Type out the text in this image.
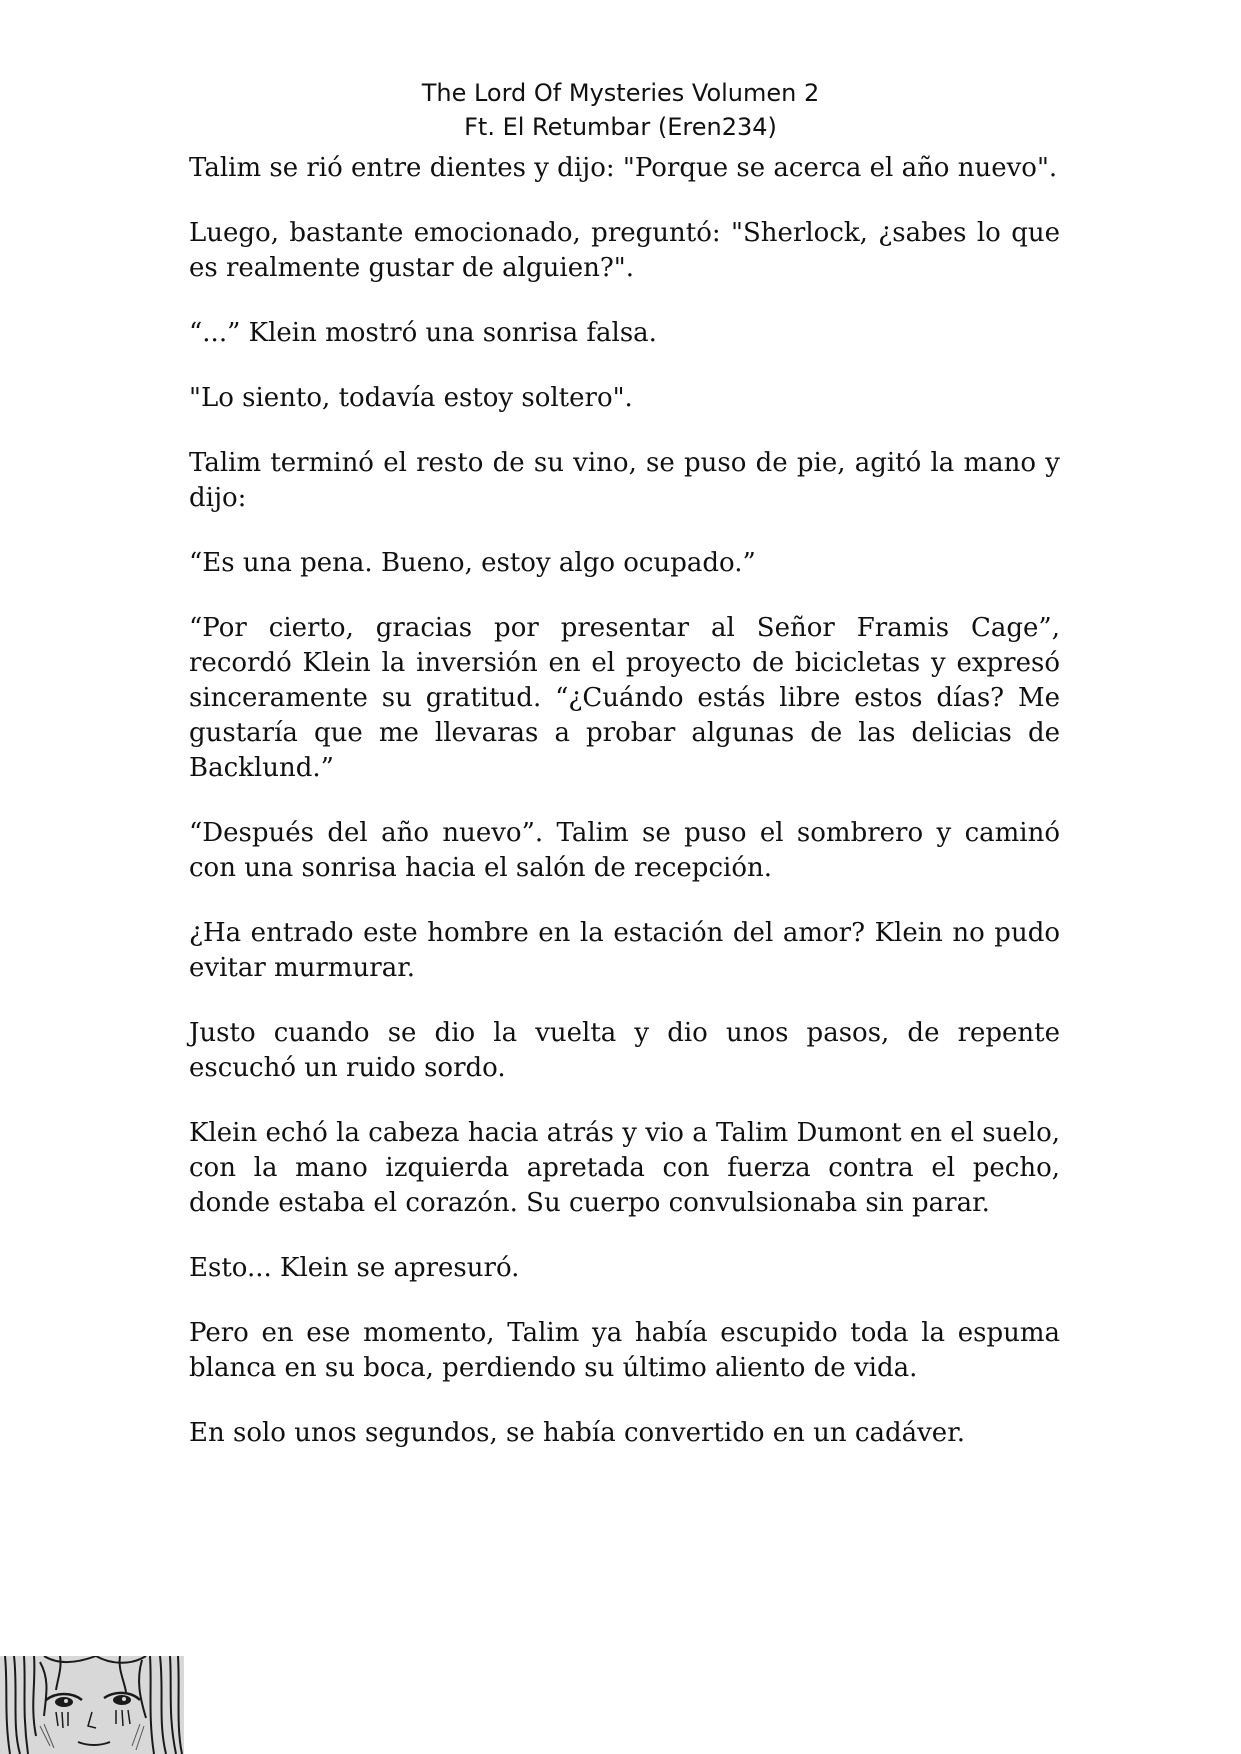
The Lord Of Mysteries Volumen 2
Ft. El Retumbar (Eren234)

Talim se rió entre dientes y dijo: "Porque se acerca el año nuevo".

Luego, bastante emocionado, preguntó: "Sherlock, ¿sabes lo que es realmente gustar de alguien?".

“...” Klein mostró una sonrisa falsa.

"Lo siento, todavía estoy soltero".

Talim terminó el resto de su vino, se puso de pie, agitó la mano y dijo:

“Es una pena. Bueno, estoy algo ocupado.”

“Por cierto, gracias por presentar al Señor Framis Cage”, recordó Klein la inversión en el proyecto de bicicletas y expresó sinceramente su gratitud. “¿Cuándo estás libre estos días? Me gustaría que me llevaras a probar algunas de las delicias de Backlund.”

“Después del año nuevo”. Talim se puso el sombrero y caminó con una sonrisa hacia el salón de recepción.

¿Ha entrado este hombre en la estación del amor? Klein no pudo evitar murmurar.

Justo cuando se dio la vuelta y dio unos pasos, de repente escuchó un ruido sordo.

Klein echó la cabeza hacia atrás y vio a Talim Dumont en el suelo, con la mano izquierda apretada con fuerza contra el pecho, donde estaba el corazón. Su cuerpo convulsionaba sin parar.

Esto... Klein se apresuró.

Pero en ese momento, Talim ya había escupido toda la espuma blanca en su boca, perdiendo su último aliento de vida.

En solo unos segundos, se había convertido en un cadáver.
